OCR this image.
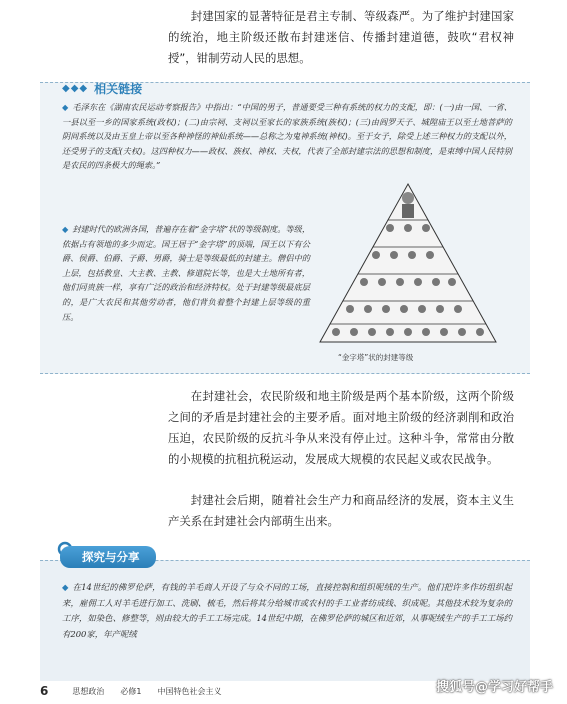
封建国家的显著特征是君主专制、等级森严。为了维护封建国家的统治，地主阶级还散布封建迷信、传播封建道德，鼓吹“君权神授”，钳制劳动人民的思想。

◆◆◆ 相关链接

◆ 毛泽东在《湖南农民运动考察报告》中指出：“中国的男子，普通要受三种有系统的权力的支配，即：(一)由一国、一省、一县以至一乡的国家系统(政权)；(二)由宗祠、支祠以至家长的家族系统(族权)；(三)由阎罗天子、城隍庙王以至土地菩萨的阴间系统以及由玉皇上帝以至各种神怪的神仙系统——总称之为鬼神系统(神权)。至于女子，除受上述三种权力的支配以外，还受男子的支配(夫权)。这四种权力——政权、族权、神权、夫权，代表了全部封建宗法的思想和制度，是束缚中国人民特别是农民的四条极大的绳索。”

◆ 封建时代的欧洲各国，普遍存在着“金字塔”状的等级制度。等级，依据占有领地的多少而定。国王居于“金字塔”的顶端，国王以下有公爵、侯爵、伯爵、子爵、男爵，骑士是等级最低的封建主。僧侣中的上层，包括教皇、大主教、主教、修道院长等，也是大土地所有者，他们同贵族一样，享有广泛的政治和经济特权。处于封建等级最底层的，是广大农民和其他劳动者，他们背负着整个封建上层等级的重压。

“金字塔”状的封建等级

在封建社会，农民阶级和地主阶级是两个基本阶级，这两个阶级之间的矛盾是封建社会的主要矛盾。面对地主阶级的经济剥削和政治压迫，农民阶级的反抗斗争从来没有停止过。这种斗争，常常由分散的小规模的抗租抗税运动，发展成大规模的农民起义或农民战争。

封建社会后期，随着社会生产力和商品经济的发展，资本主义生产关系在封建社会内部萌生出来。

探究与分享

◆ 在14世纪的佛罗伦萨，有钱的羊毛商人开设了与众不同的工场，直接控制和组织呢绒的生产。他们把许多作坊组织起来，雇佣工人对羊毛进行加工、洗刷、梳毛，然后将其分给城市或农村的手工业者纺成线、织成呢。其他技术较为复杂的工序，如染色、修整等，则由较大的手工工场完成。14世纪中期，在佛罗伦萨的城区和近郊，从事呢绒生产的手工工场约有200家，年产呢绒

6	思想政治 必修1 中国特色社会主义	搜狐号@学习好帮手
